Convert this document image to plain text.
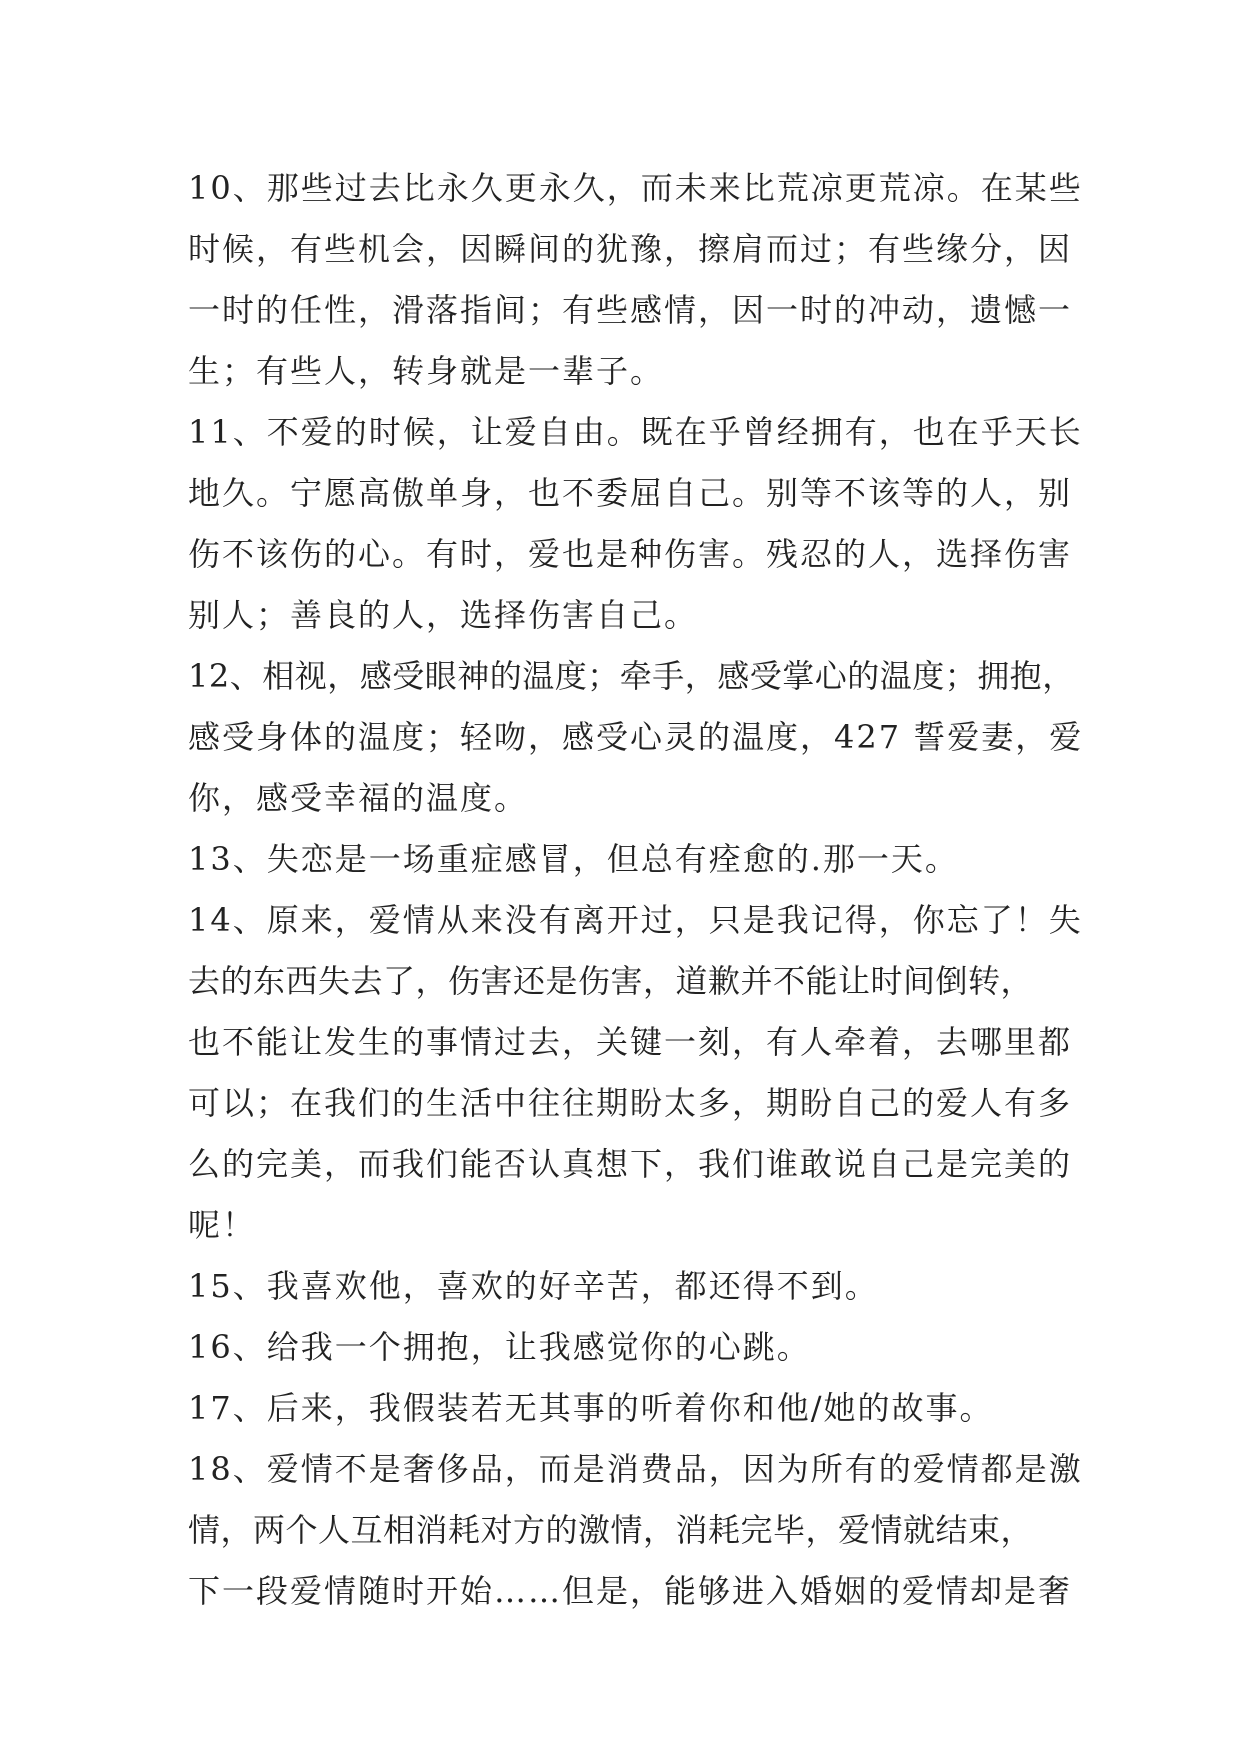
10、那些过去比永久更永久，而未来比荒凉更荒凉。在某些
时候，有些机会，因瞬间的犹豫，擦肩而过；有些缘分，因
一时的任性，滑落指间；有些感情，因一时的冲动，遗憾一
生；有些人，转身就是一辈子。
11、不爱的时候，让爱自由。既在乎曾经拥有，也在乎天长
地久。宁愿高傲单身，也不委屈自己。别等不该等的人，别
伤不该伤的心。有时，爱也是种伤害。残忍的人，选择伤害
别人；善良的人，选择伤害自己。
12、相视，感受眼神的温度；牵手，感受掌心的温度；拥抱，
感受身体的温度；轻吻，感受心灵的温度，427 誓爱妻，爱
你，感受幸福的温度。
13、失恋是一场重症感冒，但总有痊愈的.那一天。
14、原来，爱情从来没有离开过，只是我记得，你忘了！失
去的东西失去了，伤害还是伤害，道歉并不能让时间倒转，
也不能让发生的事情过去，关键一刻，有人牵着，去哪里都
可以；在我们的生活中往往期盼太多，期盼自己的爱人有多
么的完美，而我们能否认真想下，我们谁敢说自己是完美的
呢！
15、我喜欢他，喜欢的好辛苦，都还得不到。
16、给我一个拥抱，让我感觉你的心跳。
17、后来，我假装若无其事的听着你和他/她的故事。
18、爱情不是奢侈品，而是消费品，因为所有的爱情都是激
情，两个人互相消耗对方的激情，消耗完毕，爱情就结束，
下一段爱情随时开始……但是，能够进入婚姻的爱情却是奢
